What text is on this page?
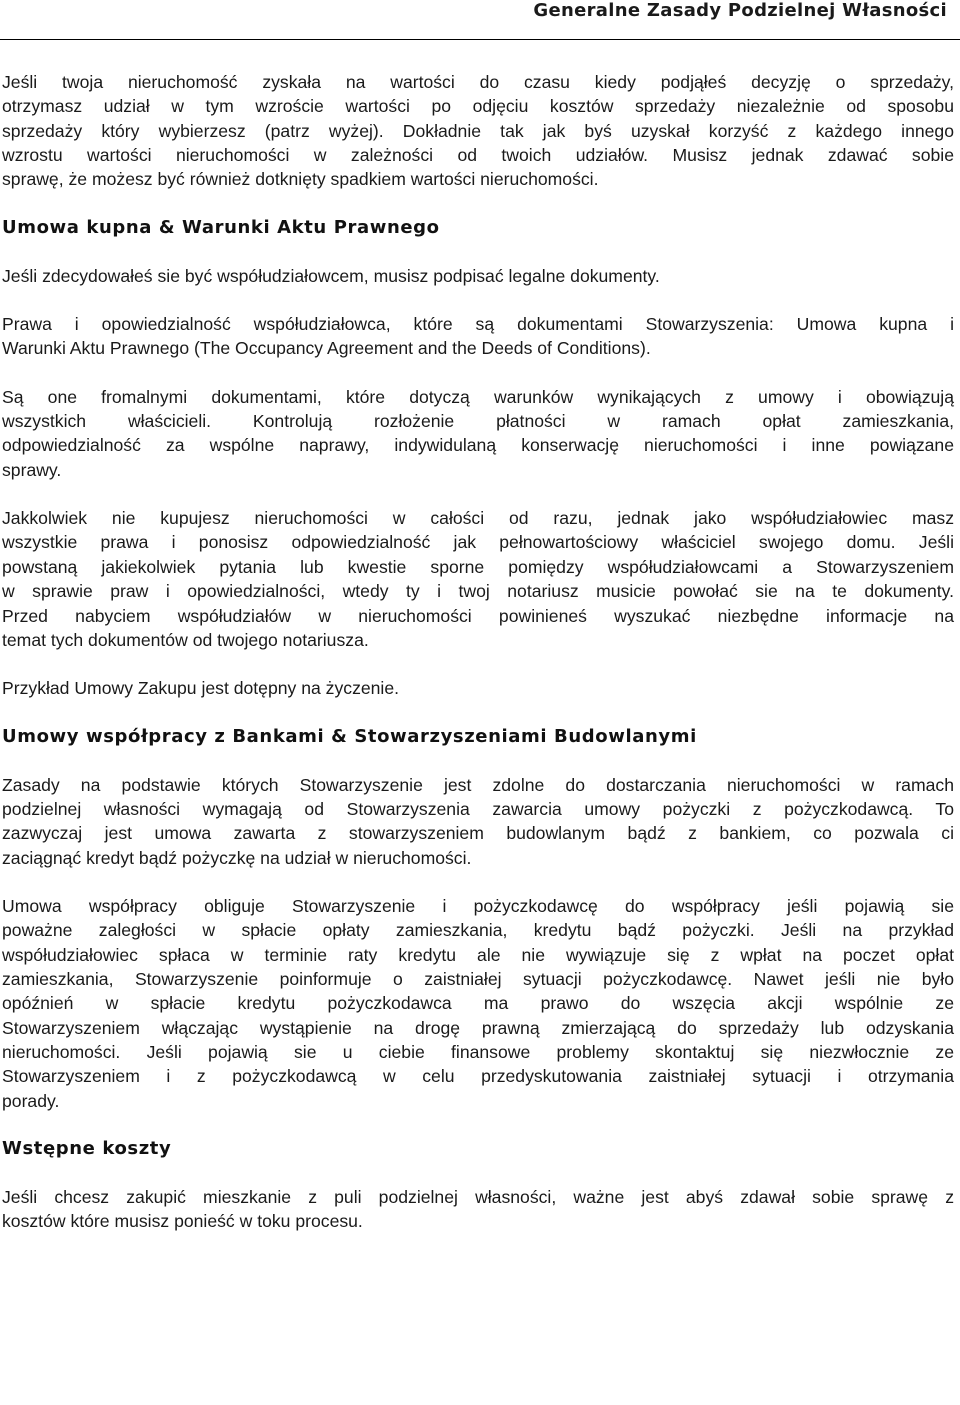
Generalne Zasady Podzielnej Własności
Jeśli twoja nieruchomość zyskała na wartości do czasu kiedy podjąłeś decyzję o sprzedaży,
otrzymasz udział w tym wzroście wartości po odjęciu kosztów sprzedaży niezależnie od sposobu
sprzedaży który wybierzesz (patrz wyżej). Dokładnie tak jak byś uzyskał korzyść z każdego innego
wzrostu wartości nieruchomości w zależności od twoich udziałów. Musisz jednak zdawać sobie
sprawę, że możesz być również dotknięty spadkiem wartości nieruchomości.
Umowa kupna & Warunki Aktu Prawnego
Jeśli zdecydowałeś sie być współudziałowcem, musisz podpisać legalne dokumenty.
Prawa i opowiedzialność współudziałowca, które są dokumentami Stowarzyszenia: Umowa kupna i
Warunki Aktu Prawnego (The Occupancy Agreement and the Deeds of Conditions).
Są one fromalnymi dokumentami, które dotyczą warunków wynikających z umowy i obowiązują
wszystkich właścicieli. Kontrolują rozłożenie płatności w ramach opłat zamieszkania,
odpowiedzialność za wspólne naprawy, indywidulaną konserwację nieruchomości i inne powiązane
sprawy.
Jakkolwiek nie kupujesz nieruchomości w całości od razu, jednak jako współudziałowiec masz
wszystkie prawa i ponosisz odpowiedzialność jak pełnowartościowy właściciel swojego domu. Jeśli
powstaną jakiekolwiek pytania lub kwestie sporne pomiędzy współudziałowcami a Stowarzyszeniem
w sprawie praw i opowiedzialności, wtedy ty i twoj notariusz musicie powołać sie na te dokumenty.
Przed nabyciem współudziałów w nieruchomości powinieneś wyszukać niezbędne informacje na
temat tych dokumentów od twojego notariusza.
Przykład Umowy Zakupu jest dotępny na życzenie.
Umowy współpracy z Bankami & Stowarzyszeniami Budowlanymi
Zasady na podstawie których Stowarzyszenie jest zdolne do dostarczania nieruchomości w ramach
podzielnej własności wymagają od Stowarzyszenia zawarcia umowy pożyczki z pożyczkodawcą. To
zazwyczaj jest umowa zawarta z stowarzyszeniem budowlanym bądź z bankiem, co pozwala ci
zaciągnąć kredyt bądź pożyczkę na udział w nieruchomości.
Umowa współpracy obliguje Stowarzyszenie i pożyczkodawcę do współpracy jeśli pojawią sie
poważne zaległości w spłacie opłaty zamieszkania, kredytu bądź pożyczki. Jeśli na przykład
współudziałowiec spłaca w terminie raty kredytu ale nie wywiązuje się z wpłat na poczet opłat
zamieszkania, Stowarzyszenie poinformuje o zaistniałej sytuacji pożyczkodawcę. Nawet jeśli nie było
opóźnień w spłacie kredytu pożyczkodawca ma prawo do wszęcia akcji wspólnie ze
Stowarzyszeniem włączając wystąpienie na drogę prawną zmierzającą do sprzedaży lub odzyskania
nieruchomości. Jeśli pojawią sie u ciebie finansowe problemy skontaktuj się niezwłocznie ze
Stowarzyszeniem i z pożyczkodawcą w celu przedyskutowania zaistniałej sytuacji i otrzymania
porady.
Wstępne koszty
Jeśli chcesz zakupić mieszkanie z puli podzielnej własności, ważne jest abyś zdawał sobie sprawę z
kosztów które musisz ponieść w toku procesu.
